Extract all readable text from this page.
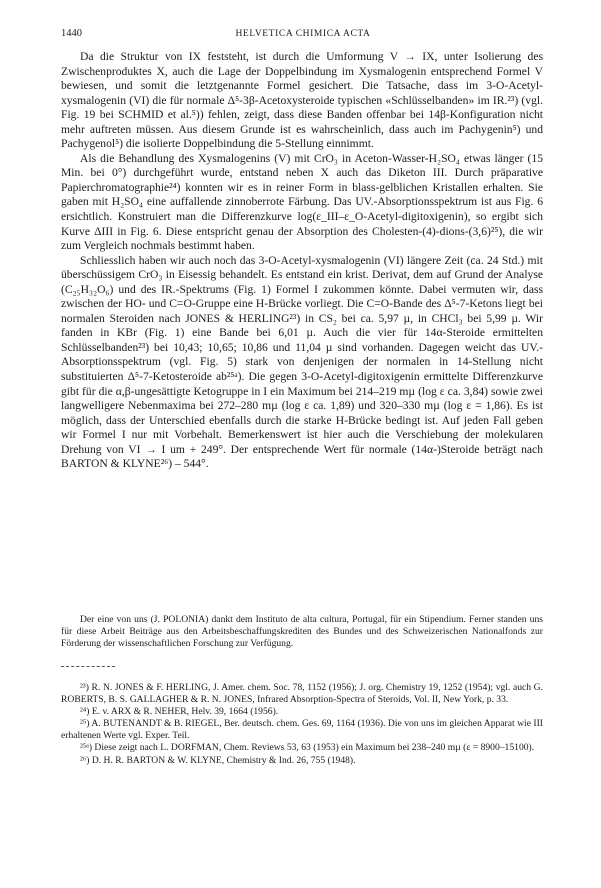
1440	HELVETICA CHIMICA ACTA

Da die Struktur von IX feststeht, ist durch die Umformung V → IX, unter Isolierung des Zwischenproduktes X, auch die Lage der Doppelbindung im Xysmalogenin entsprechend Formel V bewiesen, und somit die letztgenannte Formel gesichert. Die Tatsache, dass im 3-O-Acetyl-xysmalogenin (VI) die für normale Δ⁵-3β-Acetoxysteroide typischen «Schlüsselbanden» im IR.²³) (vgl. Fig. 19 bei SCHMID et al.⁵)) fehlen, zeigt, dass diese Banden offenbar bei 14β-Konfiguration nicht mehr auftreten müssen. Aus diesem Grunde ist es wahrscheinlich, dass auch im Pachygenin⁵) und Pachygenol⁵) die isolierte Doppelbindung die 5-Stellung einnimmt.

Als die Behandlung des Xysmalogenins (V) mit CrO₃ in Aceton-Wasser-H₂SO₄ etwas länger (15 Min. bei 0°) durchgeführt wurde, entstand neben X auch das Diketon III. Durch präparative Papierchromatographie²⁴) konnten wir es in reiner Form in blass-gelblichen Kristallen erhalten. Sie gaben mit H₂SO₄ eine auffallende zinnoberrote Färbung. Das UV.-Absorptionsspektrum ist aus Fig. 6 ersichtlich. Konstruiert man die Differenzkurve log(ε_III–ε_O-Acetyl-digitoxigenin), so ergibt sich Kurve ΔIII in Fig. 6. Diese entspricht genau der Absorption des Cholesten-(4)-dions-(3,6)²⁵), die wir zum Vergleich nochmals bestimmt haben.

Schliesslich haben wir auch noch das 3-O-Acetyl-xysmalogenin (VI) längere Zeit (ca. 24 Std.) mit überschüssigem CrO₃ in Eisessig behandelt. Es entstand ein krist. Derivat, dem auf Grund der Analyse (C₂₅H₃₂O₆) und des IR.-Spektrums (Fig. 1) Formel I zukommen könnte. Dabei vermuten wir, dass zwischen der HO- und C=O-Gruppe eine H-Brücke vorliegt. Die C=O-Bande des Δ⁵-7-Ketons liegt bei normalen Steroiden nach JONES & HERLING²³) in CS₂ bei ca. 5,97 µ, in CHCl₃ bei 5,99 µ. Wir fanden in KBr (Fig. 1) eine Bande bei 6,01 µ. Auch die vier für 14α-Steroide ermittelten Schlüsselbanden²³) bei 10,43; 10,65; 10,86 und 11,04 µ sind vorhanden. Dagegen weicht das UV.-Absorptionsspektrum (vgl. Fig. 5) stark von denjenigen der normalen in 14-Stellung nicht substituierten Δ⁵-7-Ketosteroide ab²⁵ᵃ). Die gegen 3-O-Acetyl-digitoxigenin ermittelte Differenzkurve gibt für die α,β-ungesättigte Ketogruppe in I ein Maximum bei 214–219 mµ (log ε ca. 3,84) sowie zwei langwelligere Nebenmaxima bei 272–280 mµ (log ε ca. 1,89) und 320–330 mµ (log ε = 1,86). Es ist möglich, dass der Unterschied ebenfalls durch die starke H-Brücke bedingt ist. Auf jeden Fall geben wir Formel I nur mit Vorbehalt. Bemerkenswert ist hier auch die Verschiebung der molekularen Drehung von VI → I um + 249°. Der entsprechende Wert für normale (14α-)Steroide beträgt nach BARTON & KLYNE²⁶) – 544°.

Der eine von uns (J. POLONIA) dankt dem Instituto de alta cultura, Portugal, für ein Stipendium. Ferner standen uns für diese Arbeit Beiträge aus den Arbeitsbeschaffungskrediten des Bundes und des Schweizerischen Nationalfonds zur Förderung der wissenschaftlichen Forschung zur Verfügung.

²³) R. N. JONES & F. HERLING, J. Amer. chem. Soc. 78, 1152 (1956); J. org. Chemistry 19, 1252 (1954); vgl. auch G. ROBERTS, B. S. GALLAGHER & R. N. JONES, Infrared Absorption-Spectra of Steroids, Vol. II, New York, p. 33.

²⁴) E. v. ARX & R. NEHER, Helv. 39, 1664 (1956).

²⁵) A. BUTENANDT & B. RIEGEL, Ber. deutsch. chem. Ges. 69, 1164 (1936). Die von uns im gleichen Apparat wie III erhaltenen Werte vgl. Exper. Teil.

²⁵ᵃ) Diese zeigt nach L. DORFMAN, Chem. Reviews 53, 63 (1953) ein Maximum bei 238–240 mµ (ε = 8900–15100).

²⁶) D. H. R. BARTON & W. KLYNE, Chemistry & Ind. 26, 755 (1948).
